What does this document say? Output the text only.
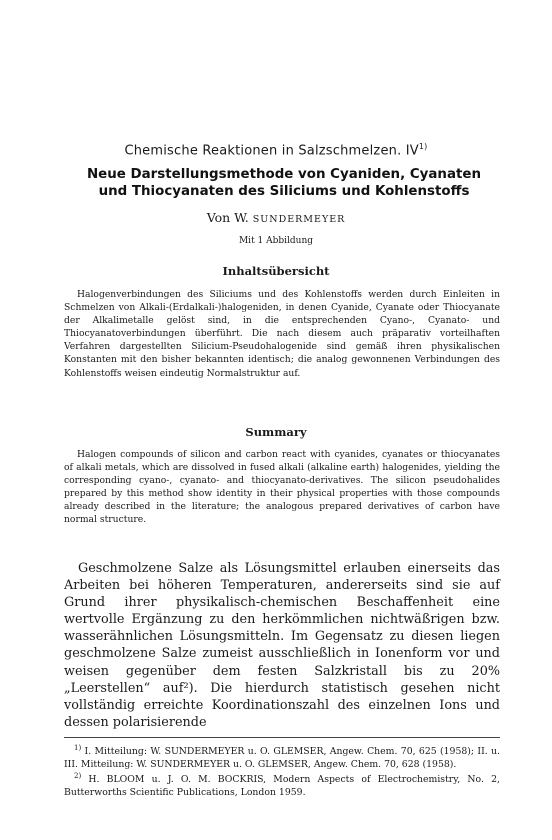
Chemische Reaktionen in Salzschmelzen. IV$^{1)}$
Neue Darstellungsmethode von Cyaniden, Cyanaten
und Thiocyanaten des Siliciums und Kohlenstoffs
Von W. SUNDERMEYER
Mit 1 Abbildung
Inhaltsübersicht
Halogenverbindungen des Siliciums und des Kohlenstoffs werden durch Einleiten in Schmelzen von Alkali-(Erdalkali-)halogeniden, in denen Cyanide, Cyanate oder Thiocyanate der Alkalimetalle gelöst sind, in die entsprechenden Cyano-, Cyanato- und Thiocyanatoverbindungen überführt. Die nach diesem auch präparativ vorteilhaften Verfahren dargestellten Silicium-Pseudohalogenide sind gemäß ihren physikalischen Konstanten mit den bisher bekannten identisch; die analog gewonnenen Verbindungen des Kohlenstoffs weisen eindeutig Normalstruktur auf.
Summary
Halogen compounds of silicon and carbon react with cyanides, cyanates or thiocyanates of alkali metals, which are dissolved in fused alkali (alkaline earth) halogenides, yielding the corresponding cyano-, cyanato- and thiocyanato-derivatives. The silicon pseudohalides prepared by this method show identity in their physical properties with those compounds already described in the literature; the analogous prepared derivatives of carbon have normal structure.
Geschmolzene Salze als Lösungsmittel erlauben einerseits das Arbeiten bei höheren Temperaturen, andererseits sind sie auf Grund ihrer physikalisch-chemischen Beschaffenheit eine wertvolle Ergänzung zu den herkömmlichen nichtwäßrigen bzw. wasserähnlichen Lösungsmitteln. Im Gegensatz zu diesen liegen geschmolzene Salze zumeist ausschließlich in Ionenform vor und weisen gegenüber dem festen Salzkristall bis zu 20% „Leerstellen“ auf²). Die hierdurch statistisch gesehen nicht vollständig erreichte Koordinationszahl des einzelnen Ions und dessen polarisierende
$^{1)}$ I. Mitteilung: W. SUNDERMEYER u. O. GLEMSER, Angew. Chem. 70, 625 (1958); II. u. III. Mitteilung: W. SUNDERMEYER u. O. GLEMSER, Angew. Chem. 70, 628 (1958).
$^{2)}$ H. BLOOM u. J. O. M. BOCKRIS, Modern Aspects of Electrochemistry, No. 2, Butterworths Scientific Publications, London 1959.
